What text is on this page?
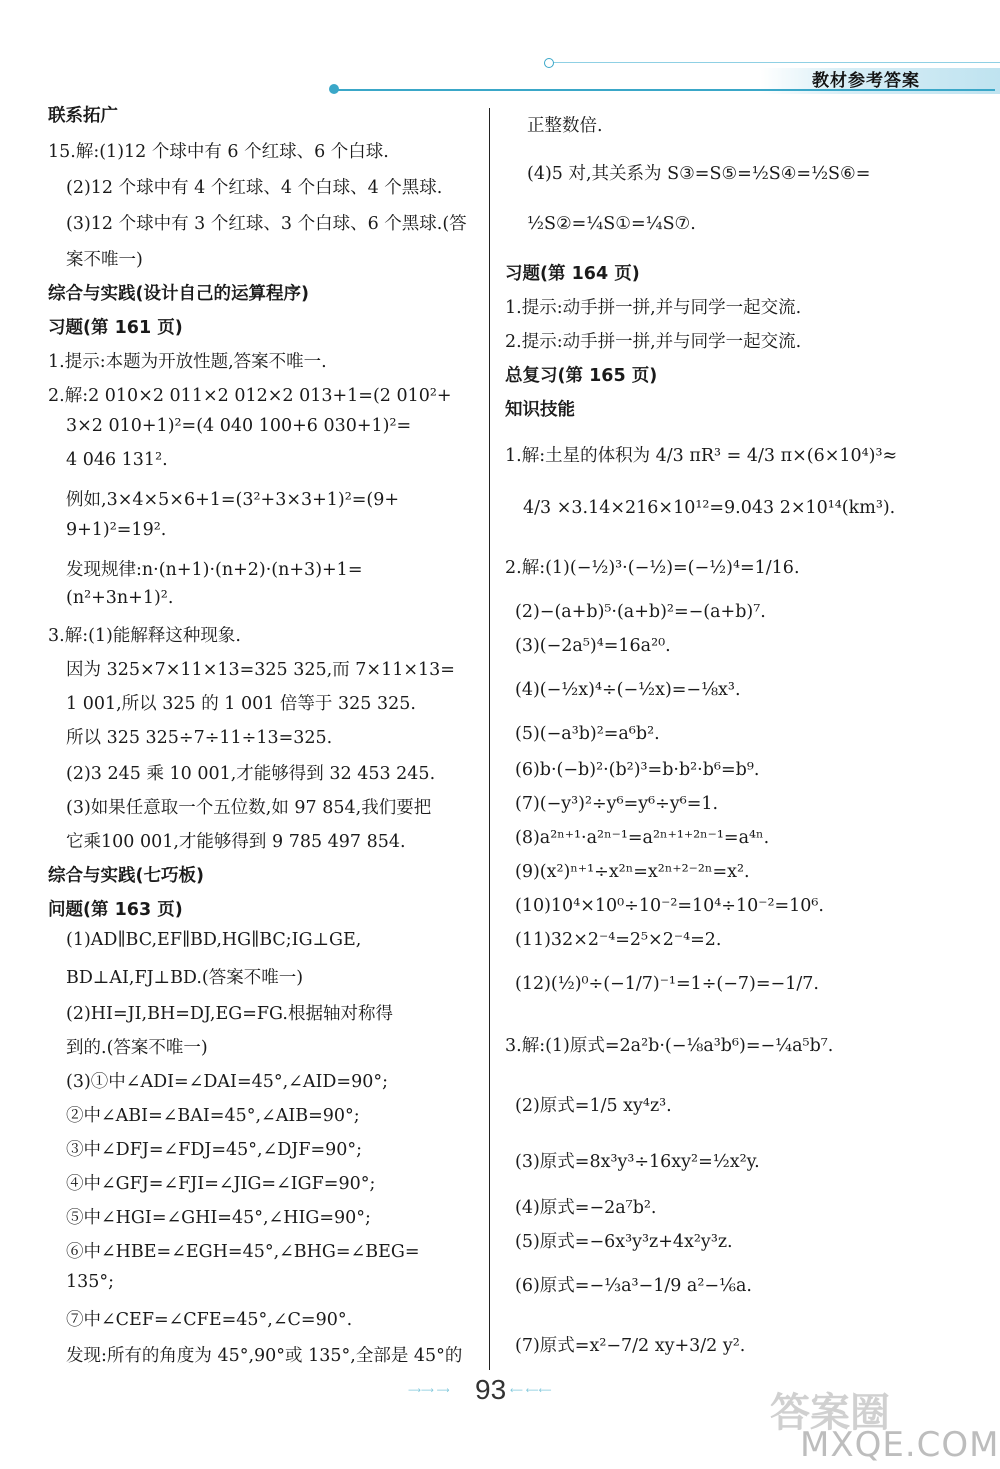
教材参考答案
联系拓广
15.解:(1)12 个球中有 6 个红球、6 个白球.
(2)12 个球中有 4 个红球、4 个白球、4 个黑球.
(3)12 个球中有 3 个红球、3 个白球、6 个黑球.(答
案不唯一)
综合与实践(设计自己的运算程序)
习题(第 161 页)
1.提示:本题为开放性题,答案不唯一.
2.解:2 010×2 011×2 012×2 013+1=(2 010²+
3×2 010+1)²=(4 040 100+6 030+1)²=
4 046 131².
例如,3×4×5×6+1=(3²+3×3+1)²=(9+
9+1)²=19².
发现规律:n·(n+1)·(n+2)·(n+3)+1=
(n²+3n+1)².
3.解:(1)能解释这种现象.
因为 325×7×11×13=325 325,而 7×11×13=
1 001,所以 325 的 1 001 倍等于 325 325.
所以 325 325÷7÷11÷13=325.
(2)3 245 乘 10 001,才能够得到 32 453 245.
(3)如果任意取一个五位数,如 97 854,我们要把
它乘100 001,才能够得到 9 785 497 854.
综合与实践(七巧板)
问题(第 163 页)
(1)AD∥BC,EF∥BD,HG∥BC;IG⊥GE,
BD⊥AI,FJ⊥BD.(答案不唯一)
(2)HI=JI,BH=DJ,EG=FG.根据轴对称得
到的.(答案不唯一)
(3)①中∠ADI=∠DAI=45°,∠AID=90°;
②中∠ABI=∠BAI=45°,∠AIB=90°;
③中∠DFJ=∠FDJ=45°,∠DJF=90°;
④中∠GFJ=∠FJI=∠JIG=∠IGF=90°;
⑤中∠HGI=∠GHI=45°,∠HIG=90°;
⑥中∠HBE=∠EGH=45°,∠BHG=∠BEG=
135°;
⑦中∠CEF=∠CFE=45°,∠C=90°.
发现:所有的角度为 45°,90°或 135°,全部是 45°的
正整数倍.
(4)5 对,其关系为 S③=S⑤=½S④=½S⑥=
½S②=¼S①=¼S⑦.
习题(第 164 页)
1.提示:动手拼一拼,并与同学一起交流.
2.提示:动手拼一拼,并与同学一起交流.
总复习(第 165 页)
知识技能
1.解:土星的体积为 4/3 πR³ = 4/3 π×(6×10⁴)³≈
4/3 ×3.14×216×10¹²=9.043 2×10¹⁴(km³).
2.解:(1)(−½)³·(−½)=(−½)⁴=1/16.
(2)−(a+b)⁵·(a+b)²=−(a+b)⁷.
(3)(−2a⁵)⁴=16a²⁰.
(4)(−½x)⁴÷(−½x)=−⅛x³.
(5)(−a³b)²=a⁶b².
(6)b·(−b)²·(b²)³=b·b²·b⁶=b⁹.
(7)(−y³)²÷y⁶=y⁶÷y⁶=1.
(8)a²ⁿ⁺¹·a²ⁿ⁻¹=a²ⁿ⁺¹⁺²ⁿ⁻¹=a⁴ⁿ.
(9)(x²)ⁿ⁺¹÷x²ⁿ=x²ⁿ⁺²⁻²ⁿ=x².
(10)10⁴×10⁰÷10⁻²=10⁴÷10⁻²=10⁶.
(11)32×2⁻⁴=2⁵×2⁻⁴=2.
(12)(½)⁰÷(−1/7)⁻¹=1÷(−7)=−1/7.
3.解:(1)原式=2a²b·(−⅛a³b⁶)=−¼a⁵b⁷.
(2)原式=1/5 xy⁴z³.
(3)原式=8x³y³÷16xy²=½x²y.
(4)原式=−2a⁷b².
(5)原式=−6x³y³z+4x²y³z.
(6)原式=−⅓a³−1/9 a²−⅙a.
(7)原式=x²−7/2 xy+3/2 y².
93
⟶⟶ ⟶	⟵ ⟵⟵	答案圈
MXQE.COM
